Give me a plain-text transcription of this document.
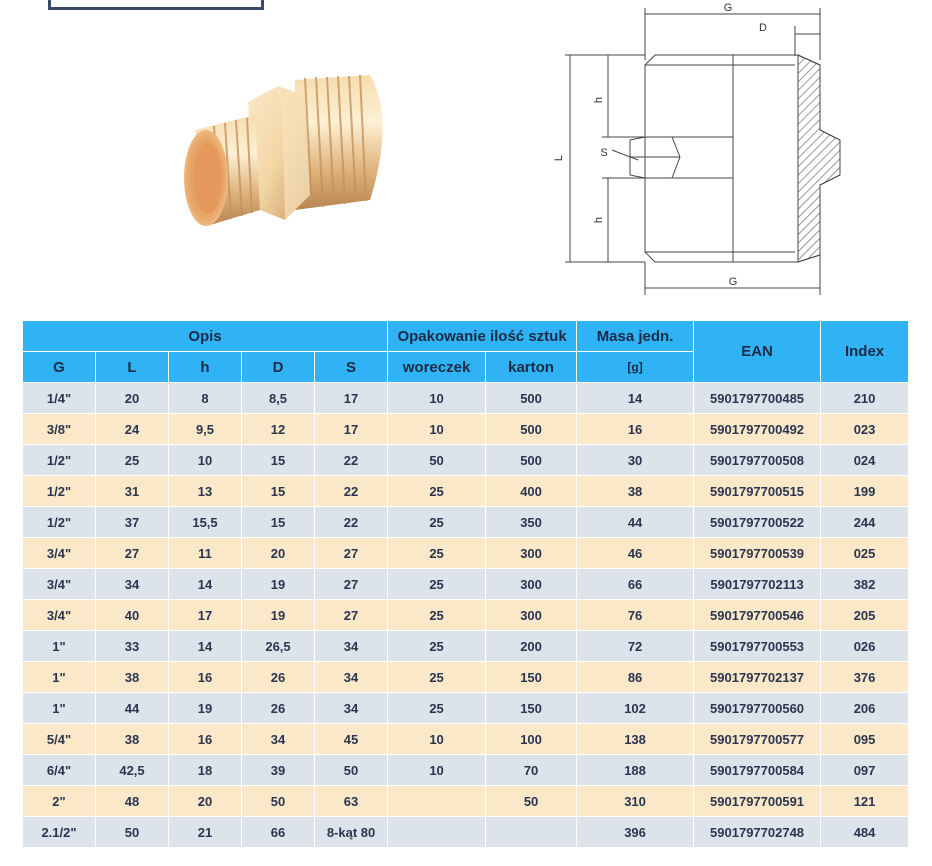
G
D
h
S
L
h
G
Opis					Opakowanie ilość sztuk		Masa jedn.	EAN	Index
G	L	h	D	S	woreczek	karton	[g]		
1/4"	20	8	8,5	17	10	500	14	5901797700485	210
3/8"	24	9,5	12	17	10	500	16	5901797700492	023
1/2"	25	10	15	22	50	500	30	5901797700508	024
1/2"	31	13	15	22	25	400	38	5901797700515	199
1/2"	37	15,5	15	22	25	350	44	5901797700522	244
3/4"	27	11	20	27	25	300	46	5901797700539	025
3/4"	34	14	19	27	25	300	66	5901797702113	382
3/4"	40	17	19	27	25	300	76	5901797700546	205
1"	33	14	26,5	34	25	200	72	5901797700553	026
1"	38	16	26	34	25	150	86	5901797702137	376
1"	44	19	26	34	25	150	102	5901797700560	206
5/4"	38	16	34	45	10	100	138	5901797700577	095
6/4"	42,5	18	39	50	10	70	188	5901797700584	097
2"	48	20	50	63		50	310	5901797700591	121
2.1/2"	50	21	66	8-kąt 80			396	5901797702748	484
